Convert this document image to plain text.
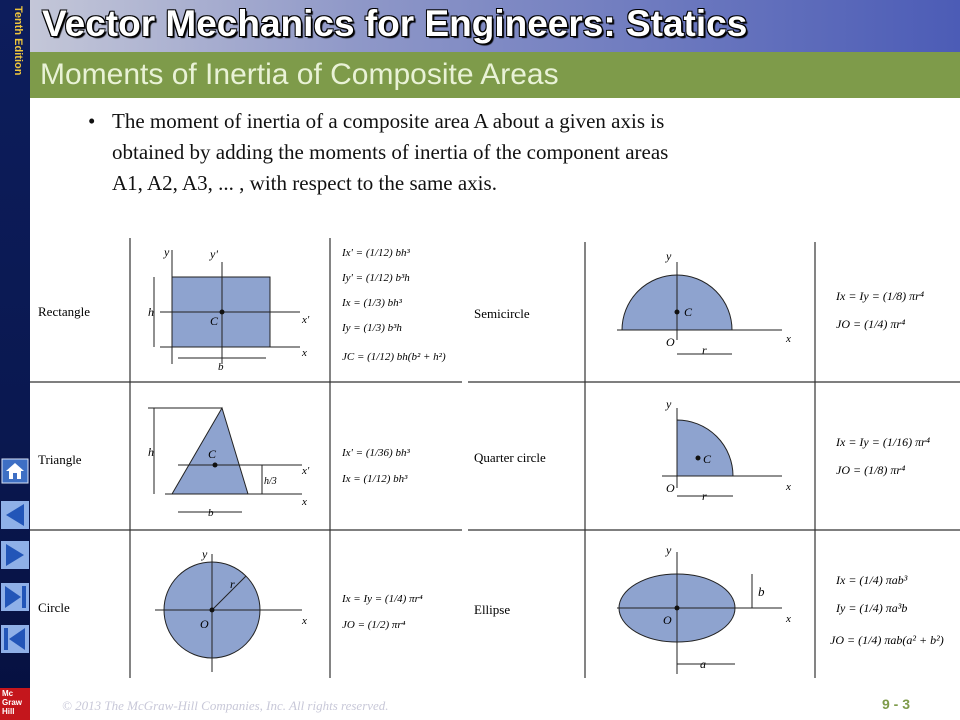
Tenth Edition
Mc Graw Hill
Vector Mechanics for Engineers: Statics
Moments of Inertia of Composite Areas
• The moment of inertia of a composite area A about a given axis is
obtained by adding the moments of inertia of the component areas
A1, A2, A3, ... , with respect to the same axis.
Rectangle
y	y'
h
C	x'
x
b
Ix' = (1/12) bh³
Iy' = (1/12) b³h
Ix = (1/3) bh³
Iy = (1/3) b³h
JC = (1/12) bh(b² + h²)
Semicircle
y
C
O
r
x
Ix = Iy = (1/8) πr⁴
JO = (1/4) πr⁴
Triangle	h	C
h/3
x'
x
b
Ix' = (1/36) bh³
Ix = (1/12) bh³
Quarter circle
y
C
O
r
x
Ix = Iy = (1/16) πr⁴
JO = (1/8) πr⁴
Circle
y
r
O	x
Ix = Iy = (1/4) πr⁴
JO = (1/2) πr⁴
Ellipse
y
b
O	x
a
Ix = (1/4) πab³
Iy = (1/4) πa³b
JO = (1/4) πab(a² + b²)
© 2013 The McGraw-Hill Companies, Inc. All rights reserved.	9 - 3
